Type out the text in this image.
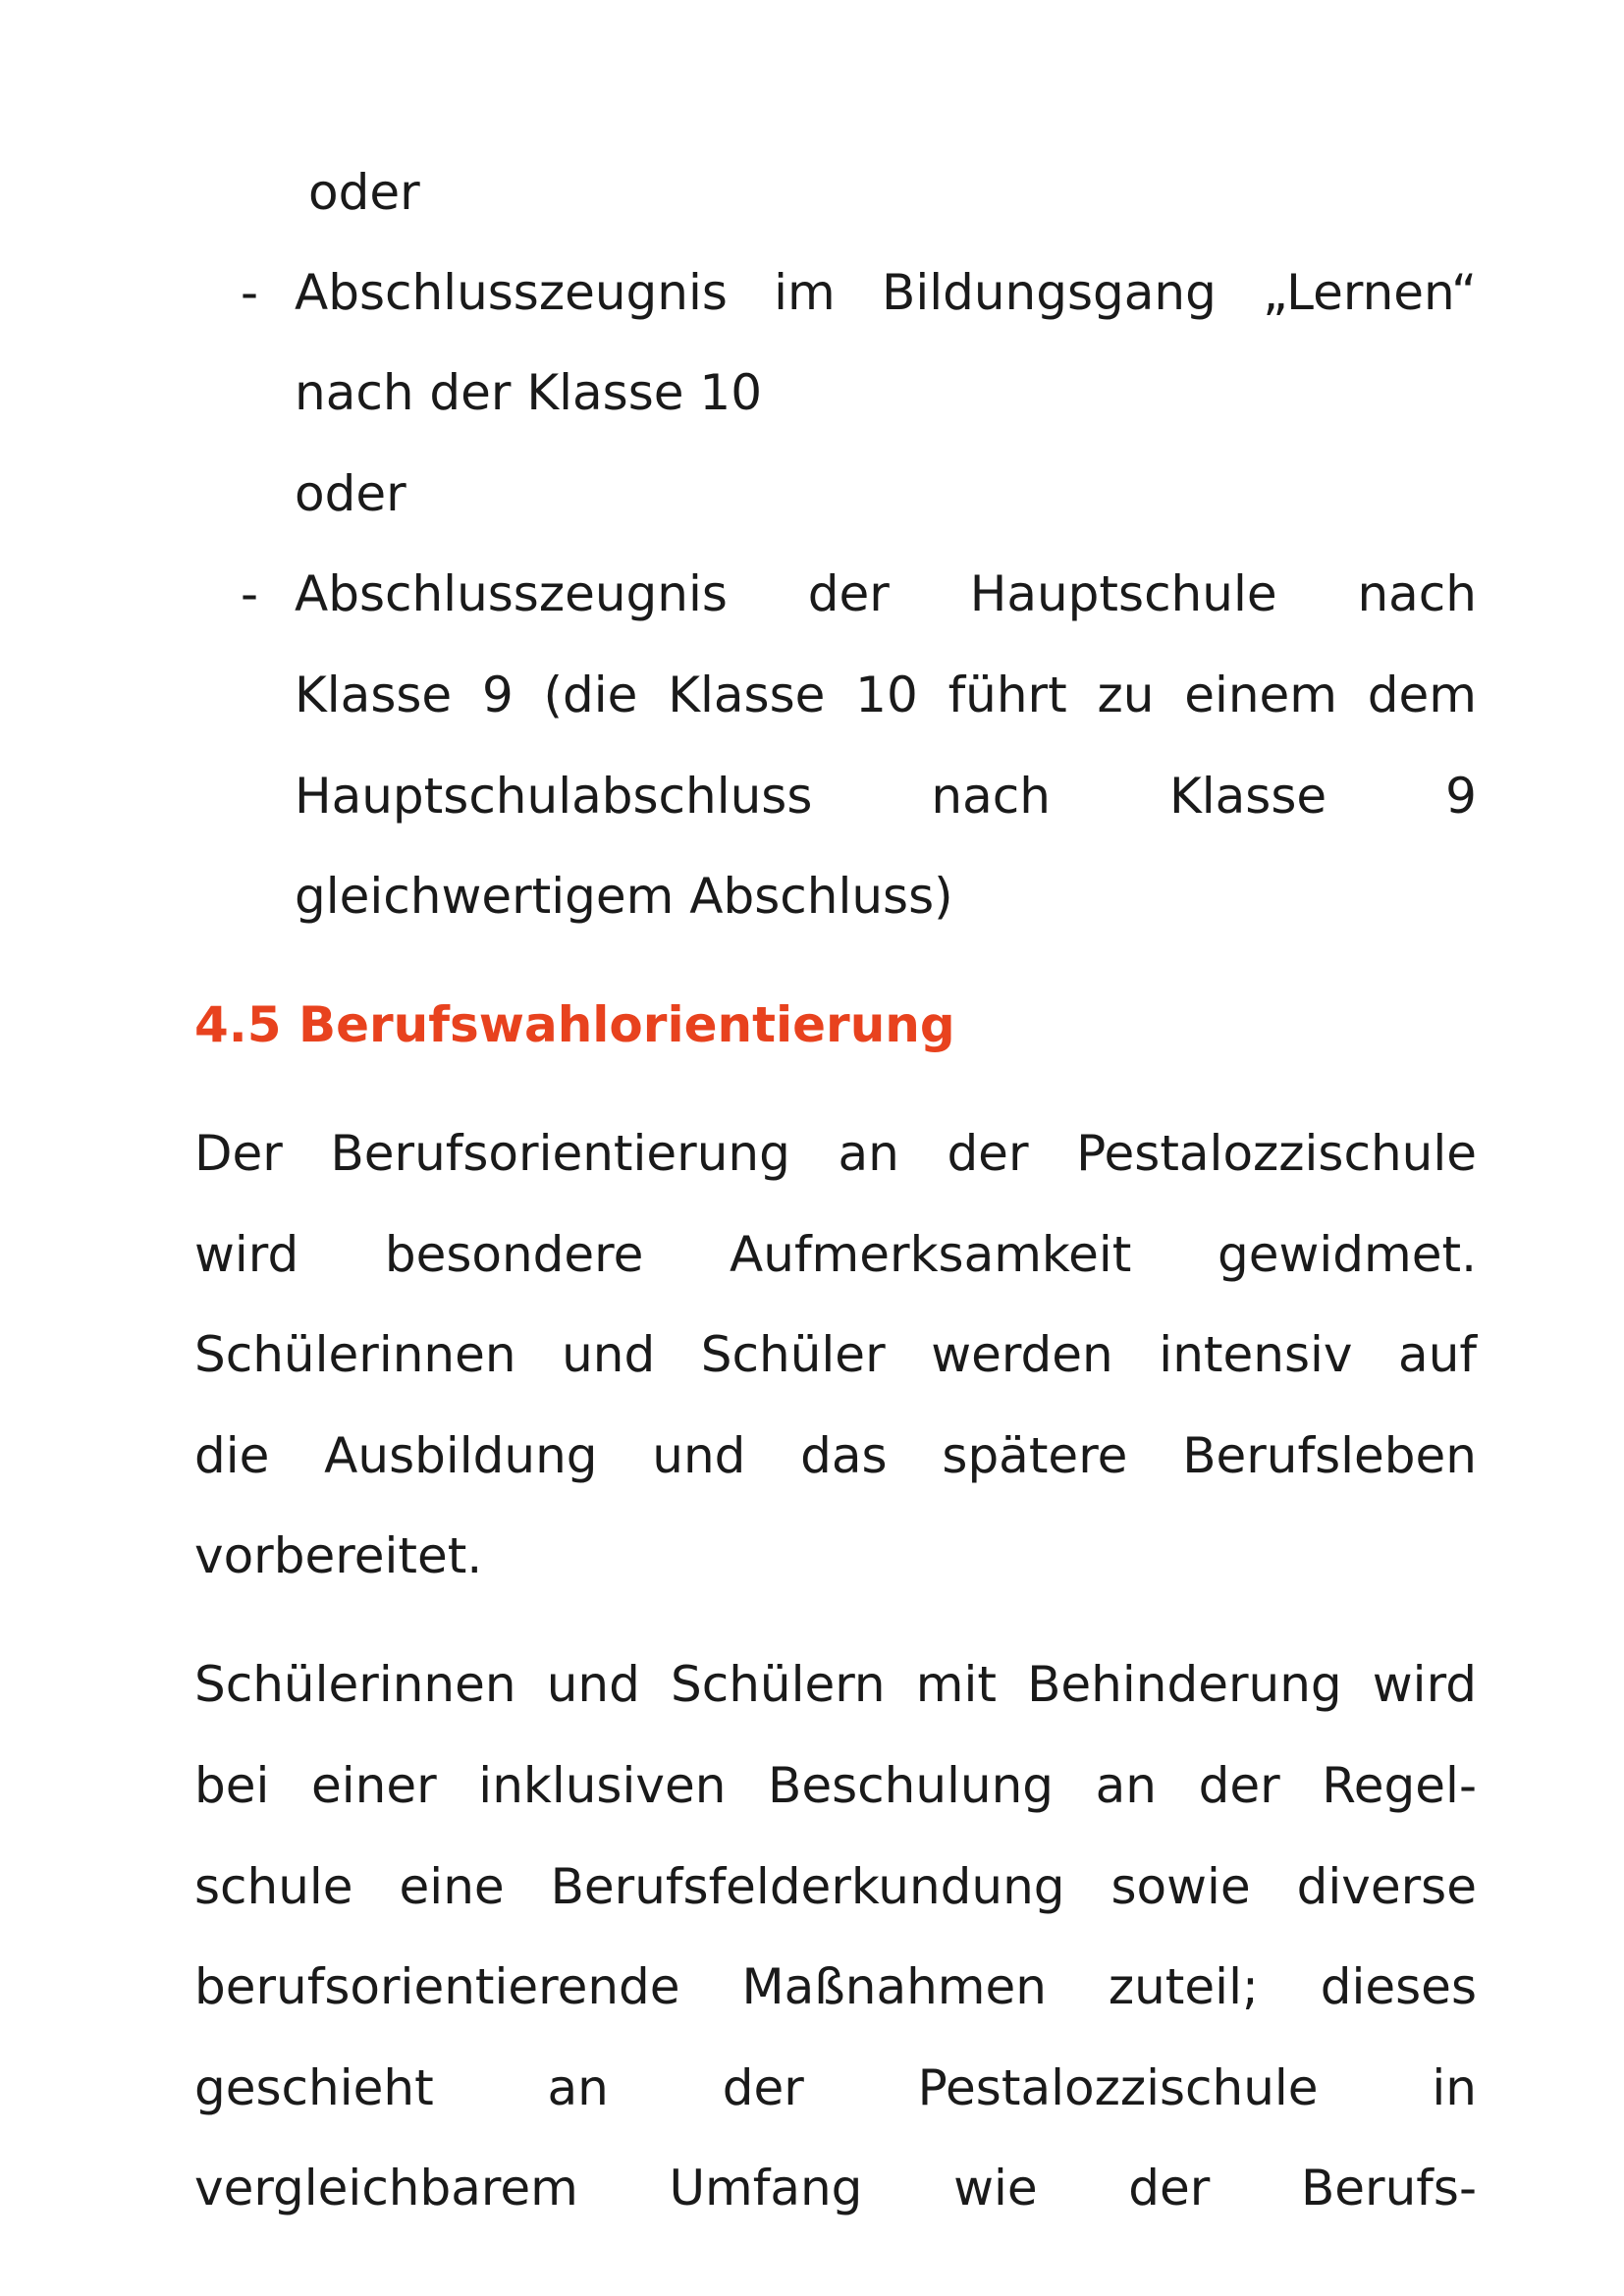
oder
- Abschlusszeugnis im Bildungsgang „Lernen“
nach der Klasse 10
oder
- Abschlusszeugnis der Hauptschule nach
Klasse 9 (die Klasse 10 führt zu einem dem
Hauptschulabschluss nach Klasse 9
gleichwertigem Abschluss)
4.5 Berufswahlorientierung
Der Berufsorientierung an der Pestalozzischule
wird besondere Aufmerksamkeit gewidmet.
Schülerinnen und Schüler werden intensiv auf
die Ausbildung und das spätere Berufsleben
vorbereitet.
Schülerinnen und Schülern mit Behinderung wird
bei einer inklusiven Beschulung an der Regel-
schule eine Berufsfelderkundung sowie diverse
berufsorientierende Maßnahmen zuteil; dieses
geschieht an der Pestalozzischule in
vergleichbarem Umfang wie der Berufs-
